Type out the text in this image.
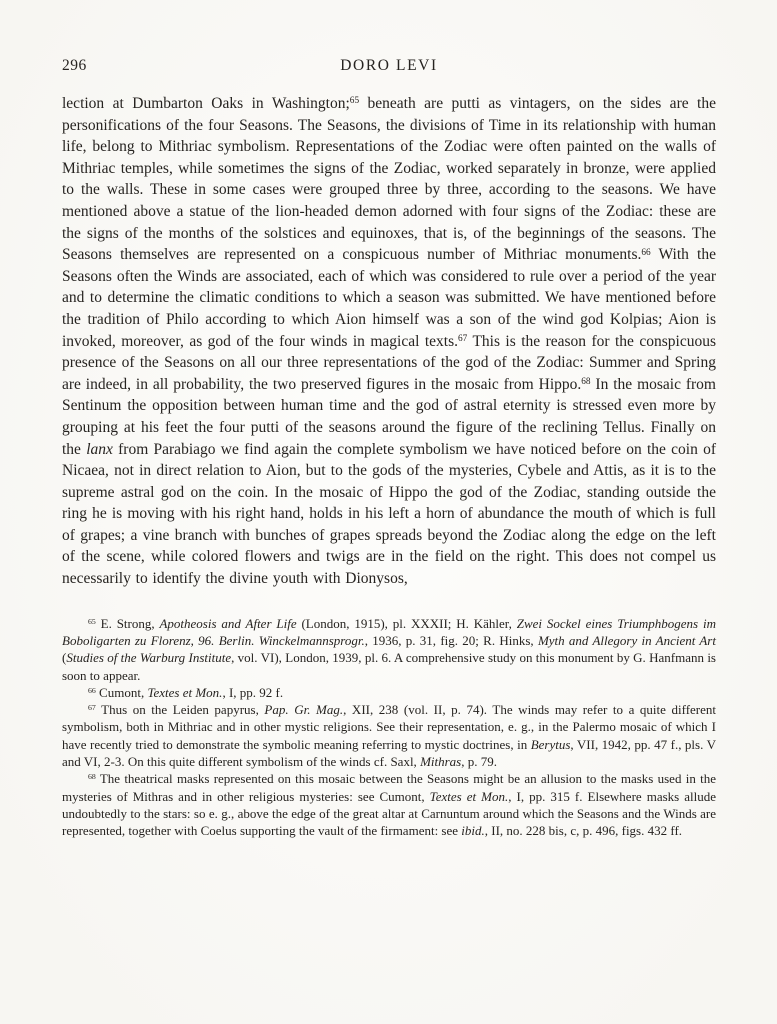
296	DORO LEVI

lection at Dumbarton Oaks in Washington;$^{65}$ beneath are putti as vintagers, on the sides are the personifications of the four Seasons. The Seasons, the divisions of Time in its relationship with human life, belong to Mithriac symbolism. Representations of the Zodiac were often painted on the walls of Mithriac temples, while sometimes the signs of the Zodiac, worked separately in bronze, were applied to the walls. These in some cases were grouped three by three, according to the seasons. We have mentioned above a statue of the lion-headed demon adorned with four signs of the Zodiac: these are the signs of the months of the solstices and equinoxes, that is, of the beginnings of the seasons. The Seasons themselves are represented on a conspicuous number of Mithriac monuments.$^{66}$ With the Seasons often the Winds are associated, each of which was considered to rule over a period of the year and to determine the climatic conditions to which a season was submitted. We have mentioned before the tradition of Philo according to which Aion himself was a son of the wind god Kolpias; Aion is invoked, moreover, as god of the four winds in magical texts.$^{67}$ This is the reason for the conspicuous presence of the Seasons on all our three representations of the god of the Zodiac: Summer and Spring are indeed, in all probability, the two preserved figures in the mosaic from Hippo.$^{68}$ In the mosaic from Sentinum the opposition between human time and the god of astral eternity is stressed even more by grouping at his feet the four putti of the seasons around the figure of the reclining Tellus. Finally on the lanx from Parabiago we find again the complete symbolism we have noticed before on the coin of Nicaea, not in direct relation to Aion, but to the gods of the mysteries, Cybele and Attis, as it is to the supreme astral god on the coin. In the mosaic of Hippo the god of the Zodiac, standing outside the ring he is moving with his right hand, holds in his left a horn of abundance the mouth of which is full of grapes; a vine branch with bunches of grapes spreads beyond the Zodiac along the edge on the left of the scene, while colored flowers and twigs are in the field on the right. This does not compel us necessarily to identify the divine youth with Dionysos,

$^{65}$ E. Strong, Apotheosis and After Life (London, 1915), pl. XXXII; H. Kähler, Zwei Sockel eines Triumphbogens im Boboligarten zu Florenz, 96. Berlin. Winckelmannsprogr., 1936, p. 31, fig. 20; R. Hinks, Myth and Allegory in Ancient Art (Studies of the Warburg Institute, vol. VI), London, 1939, pl. 6. A comprehensive study on this monument by G. Hanfmann is soon to appear.

$^{66}$ Cumont, Textes et Mon., I, pp. 92 f.

$^{67}$ Thus on the Leiden papyrus, Pap. Gr. Mag., XII, 238 (vol. II, p. 74). The winds may refer to a quite different symbolism, both in Mithriac and in other mystic religions. See their representation, e. g., in the Palermo mosaic of which I have recently tried to demonstrate the symbolic meaning referring to mystic doctrines, in Berytus, VII, 1942, pp. 47 f., pls. V and VI, 2-3. On this quite different symbolism of the winds cf. Saxl, Mithras, p. 79.

$^{68}$ The theatrical masks represented on this mosaic between the Seasons might be an allusion to the masks used in the mysteries of Mithras and in other religious mysteries: see Cumont, Textes et Mon., I, pp. 315 f. Elsewhere masks allude undoubtedly to the stars: so e. g., above the edge of the great altar at Carnuntum around which the Seasons and the Winds are represented, together with Coelus supporting the vault of the firmament: see ibid., II, no. 228 bis, c, p. 496, figs. 432 ff.
